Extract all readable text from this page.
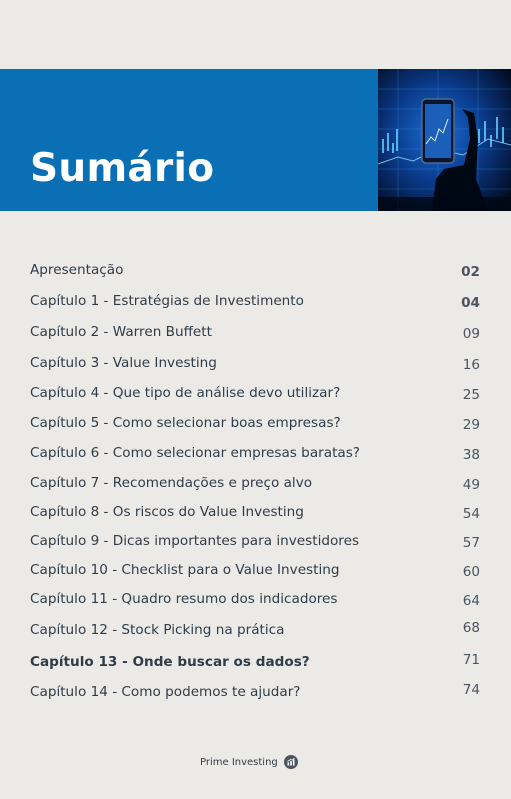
Sumário
Apresentação	02
Capítulo 1 - Estratégias de Investimento	04
Capítulo 2 - Warren Buffett	09
Capítulo 3 - Value Investing	16
Capítulo 4 - Que tipo de análise devo utilizar?	25
Capítulo 5 - Como selecionar boas empresas?	29
Capítulo 6 - Como selecionar empresas baratas?	38
Capítulo 7 - Recomendações e preço alvo	49
Capítulo 8 - Os riscos do Value Investing	54
Capítulo 9 - Dicas importantes para investidores	57
Capítulo 10 - Checklist para o Value Investing	60
Capítulo 11 - Quadro resumo dos indicadores	64
Capítulo 12 - Stock Picking na prática	68
Capítulo 13 - Onde buscar os dados?	71
Capítulo 14 - Como podemos te ajudar?	74
Prime Investing
